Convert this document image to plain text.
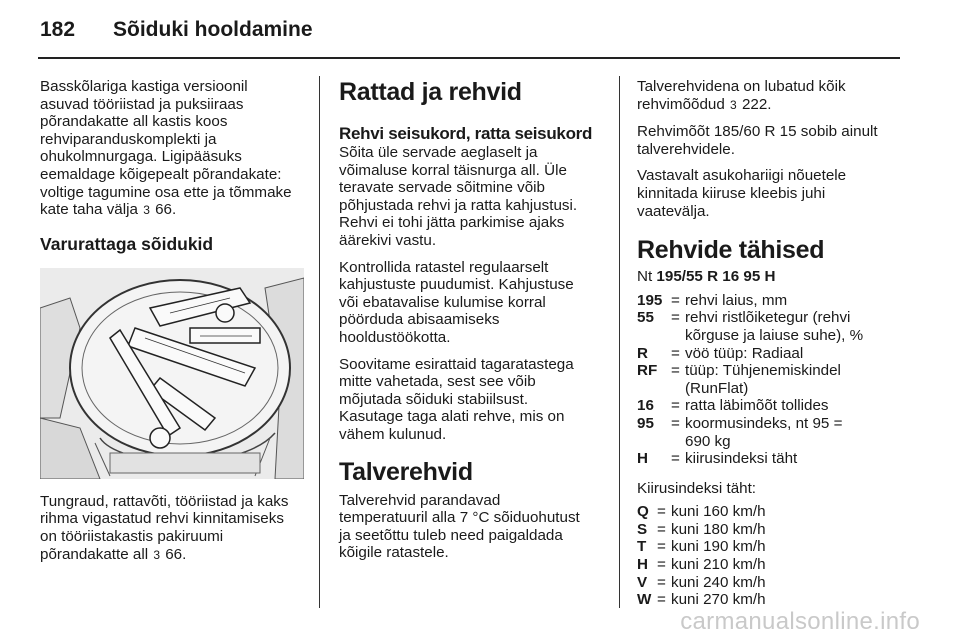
182	Sõiduki hooldamine

Basskõlariga kastiga versioonil
asuvad tööriistad ja puksiiraas
põrandakatte all kastis koos
rehviparanduskomplekti ja
ohukolmnurgaga. Ligipääsuks
eemaldage kõigepealt põrandakate:
voltige tagumine osa ette ja tõmmake
kate taha välja 3 66.

Varurattaga sõidukid

Tungraud, rattavõti, tööriistad ja kaks
rihma vigastatud rehvi kinnitamiseks
on tööriistakastis pakiruumi
põrandakatte all 3 66.

Rattad ja rehvid
Rehvi seisukord, ratta seisukord

Sõita üle servade aeglaselt ja
võimaluse korral täisnurga all. Üle
teravate servade sõitmine võib
põhjustada rehvi ja ratta kahjustusi.
Rehvi ei tohi jätta parkimise ajaks
äärekivi vastu.

Kontrollida ratastel regulaarselt
kahjustuste puudumist. Kahjustuse
või ebatavalise kulumise korral
pöörduda abisaamiseks
hooldustöökotta.

Soovitame esirattaid tagaratastega
mitte vahetada, sest see võib
mõjutada sõiduki stabiilsust.
Kasutage taga alati rehve, mis on
vähem kulunud.

Talverehvid

Talverehvid parandavad
temperatuuril alla 7 °C sõiduohutust
ja seetõttu tuleb need paigaldada
kõigile ratastele.

Talverehvidena on lubatud kõik
rehvimõõdud 3 222.

Rehvimõõt 185/60 R 15 sobib ainult
talverehvidele.

Vastavalt asukohariigi nõuetele
kinnitada kiiruse kleebis juhi
vaatevälja.

Rehvide tähised

Nt 195/55 R 16 95 H

195	=	rehvi laius, mm
55	=	rehvi ristlõiketegur (rehvi
kõrguse ja laiuse suhe), %
R	=	vöö tüüp: Radiaal
RF	=	tüüp: Tühjenemiskindel
(RunFlat)
16	=	ratta läbimõõt tollides
95	=	koormusindeks, nt 95 =
690 kg
H	=	kiirusindeksi täht

Kiirusindeksi täht:

Q	=	kuni 160 km/h
S	=	kuni 180 km/h
T	=	kuni 190 km/h
H	=	kuni 210 km/h
V	=	kuni 240 km/h
W	=	kuni 270 km/h
carmanualsonline.info
